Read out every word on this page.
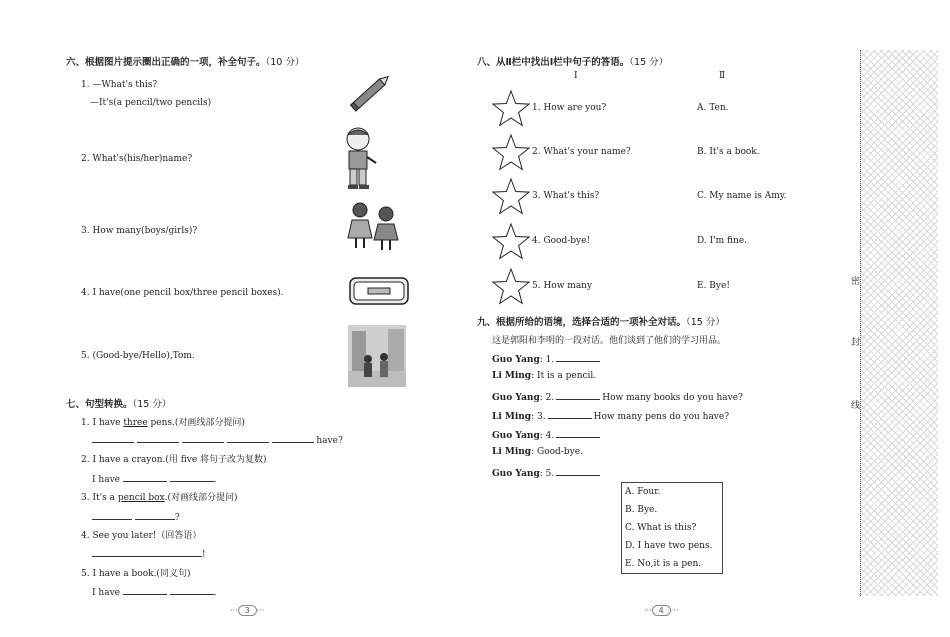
六、根据图片提示圈出正确的一项，补全句子。（10 分）
1. —What's this?
—It's(a pencil/two pencils)
2. What's(his/her)name?
3. How many(boys/girls)?
4. I have(one pencil box/three pencil boxes).
5. (Good-bye/Hello),Tom.
七、句型转换。（15 分）
1. I have three pens.(对画线部分提问)
have?
2. I have a crayon.(用 five 将句子改为复数)
I have	.
3. It's a pencil box.(对画线部分提问)
?
4. See you later!（回答语）
!
5. I have a book.(同义句)
I have	.
八、从Ⅱ栏中找出Ⅰ栏中句子的答语。（15 分）
Ⅰ	Ⅱ
1. How are you?	A. Ten.
2. What's your name?	B. It's a book.
3. What's this?	C. My name is Amy.
4. Good-bye!	D. I'm fine.
5. How many	E. Bye!
九、根据所给的语境，选择合适的一项补全对话。（15 分）
这是郭阳和李明的一段对话。他们谈到了他们的学习用品。
Guo Yang: 1.
Li Ming: It is a pencil.
Guo Yang: 2.	How many books do you have?
Li Ming: 3.	How many pens do you have?
Guo Yang: 4.
Li Ming: Good-bye.
Guo Yang: 5.
A. Four.
B. Bye.
C. What is this?
D. I have two pens.
E. No,it is a pen.
密
封
线
··· 3 ···	··· 4 ···
